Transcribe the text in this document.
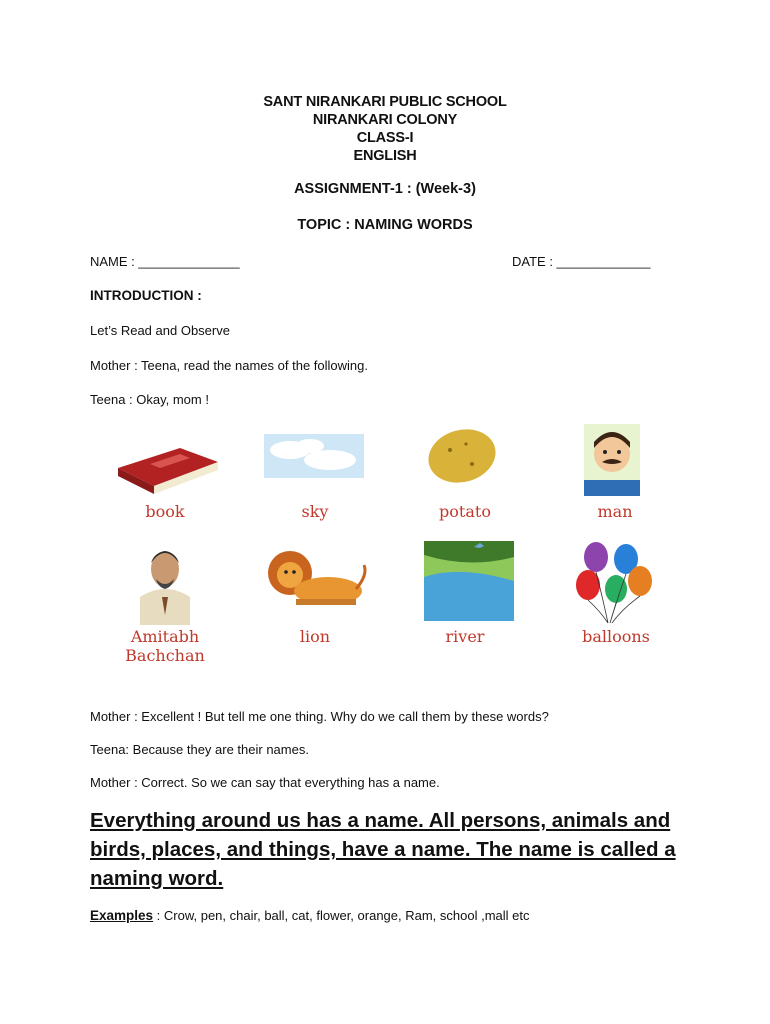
SANT NIRANKARI PUBLIC SCHOOL
NIRANKARI COLONY
CLASS-I
ENGLISH
ASSIGNMENT-1 : (Week-3)
TOPIC : NAMING WORDS
NAME : ______________	DATE : _____________
INTRODUCTION :
Let’s Read and Observe
Mother : Teena, read the names of the following.
Teena : Okay, mom !
book	sky	potato	man
Amitabh Bachchan
lion	river	balloons
Mother : Excellent ! But tell me one thing. Why do we call them by these words?
Teena: Because they are their names.
Mother : Correct. So we can say that everything has a name.
Everything around us has a name. All persons, animals and birds, places, and things, have a name. The name is called a naming word.
Examples : Crow, pen, chair, ball, cat, flower, orange, Ram, school ,mall etc
